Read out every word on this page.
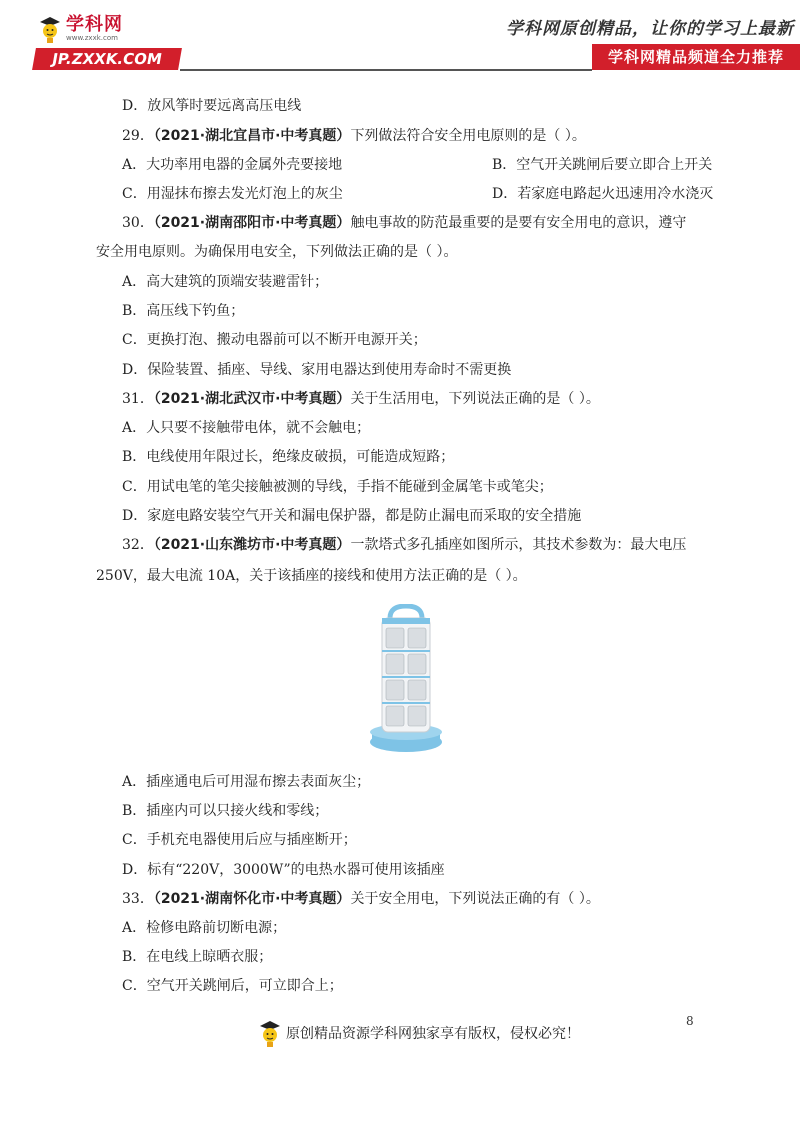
学科网
www.zxxk.com
JP.ZXXK.COM
学科网原创精品，让你的学习上最新
学科网精品频道全力推荐
D．放风筝时要远离高压电线
29．（2021·湖北宜昌市·中考真题）下列做法符合安全用电原则的是（ ）。
A．大功率用电器的金属外壳要接地	B．空气开关跳闸后要立即合上开关
C．用湿抹布擦去发光灯泡上的灰尘	D．若家庭电路起火迅速用冷水浇灭
30．（2021·湖南邵阳市·中考真题）触电事故的防范最重要的是要有安全用电的意识，遵守
安全用电原则。为确保用电安全，下列做法正确的是（ ）。
A．高大建筑的顶端安装避雷针；
B．高压线下钓鱼；
C．更换打泡、搬动电器前可以不断开电源开关；
D．保险装置、插座、导线、家用电器达到使用寿命时不需更换
31．（2021·湖北武汉市·中考真题）关于生活用电，下列说法正确的是（ ）。
A．人只要不接触带电体，就不会触电；
B．电线使用年限过长，绝缘皮破损，可能造成短路；
C．用试电笔的笔尖接触被测的导线，手指不能碰到金属笔卡或笔尖；
D．家庭电路安装空气开关和漏电保护器，都是防止漏电而采取的安全措施
32．（2021·山东潍坊市·中考真题）一款塔式多孔插座如图所示，其技术参数为：最大电压
250V，最大电流 10A，关于该插座的接线和使用方法正确的是（ ）。
A．插座通电后可用湿布擦去表面灰尘；
B．插座内可以只接火线和零线；
C．手机充电器使用后应与插座断开；
D．标有“220V，3000W”的电热水器可使用该插座
33．（2021·湖南怀化市·中考真题）关于安全用电，下列说法正确的有（ ）。
A．检修电路前切断电源；
B．在电线上晾晒衣服；
C．空气开关跳闸后，可立即合上；
8
原创精品资源学科网独家享有版权，侵权必究！
